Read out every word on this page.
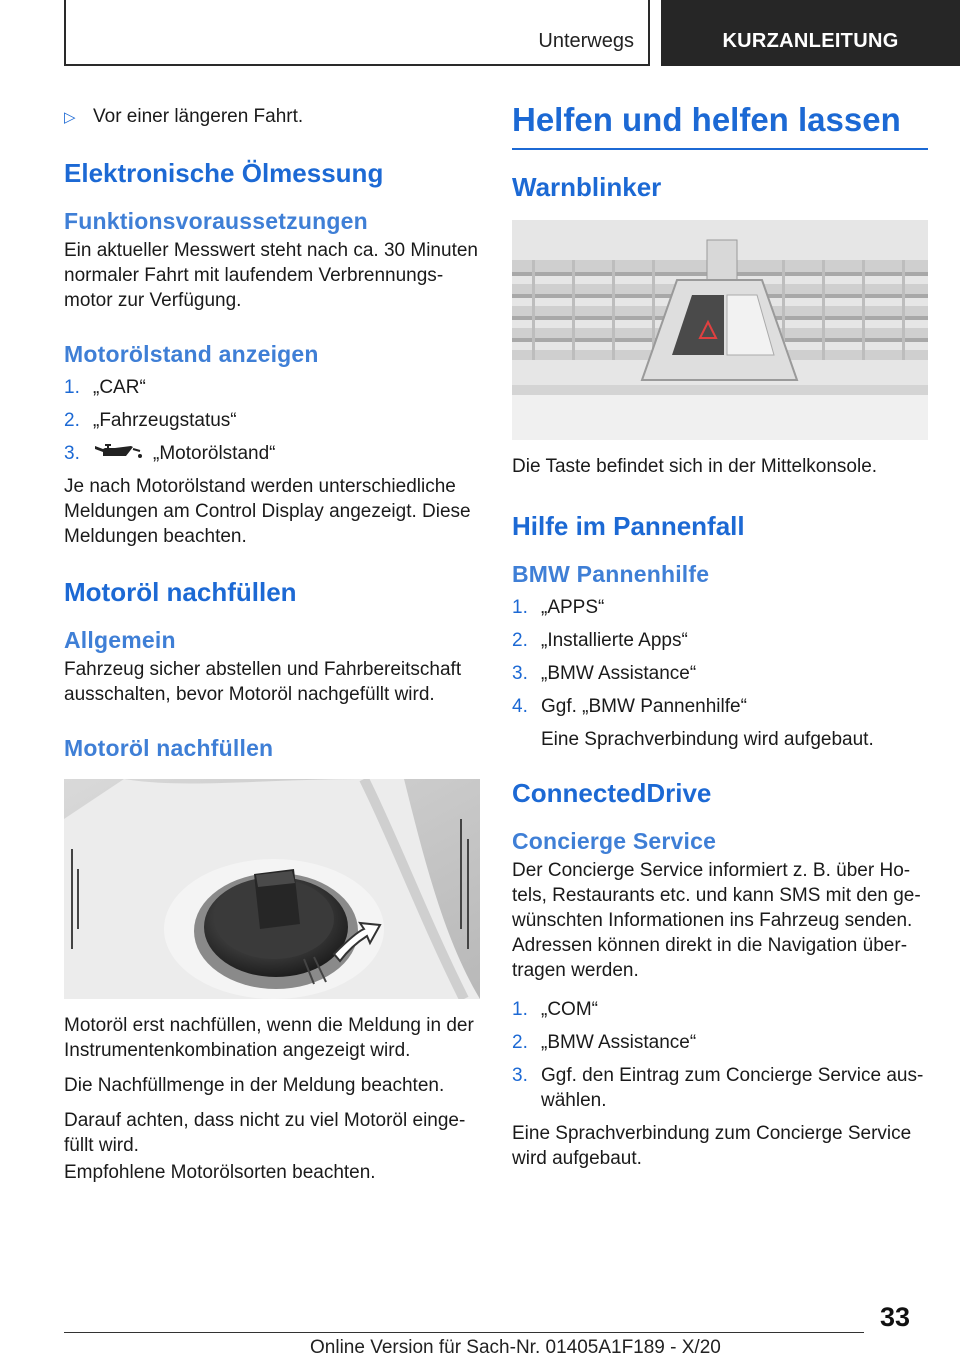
Unterwegs	KURZANLEITUNG
▷ Vor einer längeren Fahrt.
Elektronische Ölmessung
Funktionsvoraussetzungen
Ein aktueller Messwert steht nach ca. 30 Minuten normaler Fahrt mit laufendem Verbrennungsmotor zur Verfügung.
Motorölstand anzeigen
1. „CAR“
2. „Fahrzeugstatus“
3.	„Motorölstand“
Je nach Motorölstand werden unterschiedliche Meldungen am Control Display angezeigt. Diese Meldungen beachten.
Motoröl nachfüllen
Allgemein
Fahrzeug sicher abstellen und Fahrbereitschaft ausschalten, bevor Motoröl nachgefüllt wird.
Motoröl nachfüllen
Motoröl erst nachfüllen, wenn die Meldung in der Instrumentenkombination angezeigt wird.
Die Nachfüllmenge in der Meldung beachten.
Darauf achten, dass nicht zu viel Motoröl eingefüllt wird.
Empfohlene Motorölsorten beachten.
Helfen und helfen lassen
Warnblinker
Die Taste befindet sich in der Mittelkonsole.
Hilfe im Pannenfall
BMW Pannenhilfe
1. „APPS“
2. „Installierte Apps“
3. „BMW Assistance“
4. Ggf. „BMW Pannenhilfe“
Eine Sprachverbindung wird aufgebaut.
ConnectedDrive
Concierge Service
Der Concierge Service informiert z. B. über Hotels, Restaurants etc. und kann SMS mit den gewünschten Informationen ins Fahrzeug senden. Adressen können direkt in die Navigation übertragen werden.
1. „COM“
2. „BMW Assistance“
3. Ggf. den Eintrag zum Concierge Service auswählen.
Eine Sprachverbindung zum Concierge Service wird aufgebaut.
33
Online Version für Sach-Nr. 01405A1F189 - X/20
